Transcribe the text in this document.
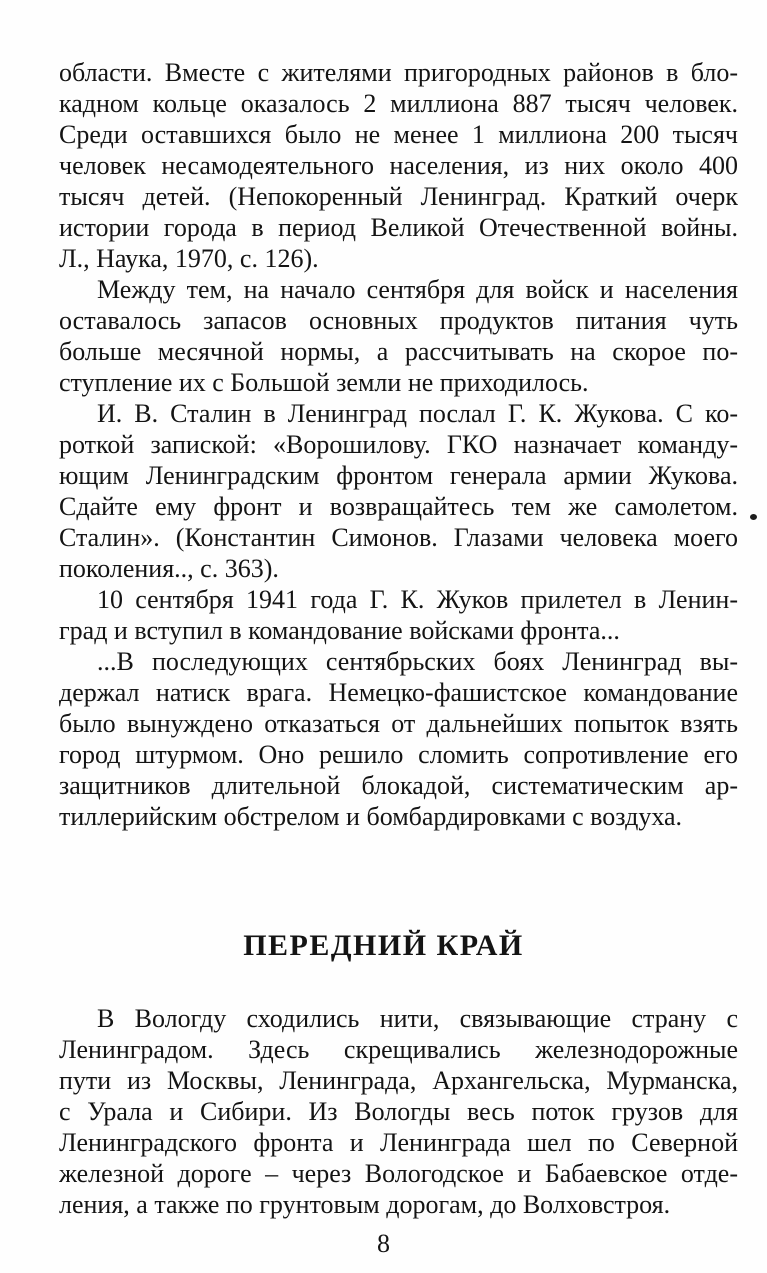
области. Вместе с жителями пригородных районов в бло-
кадном кольце оказалось 2 миллиона 887 тысяч человек.
Среди оставшихся было не менее 1 миллиона 200 тысяч
человек несамодеятельного населения, из них около 400
тысяч детей. (Непокоренный Ленинград. Краткий очерк
истории города в период Великой Отечественной войны.
Л., Наука, 1970, с. 126).
Между тем, на начало сентября для войск и населения
оставалось запасов основных продуктов питания чуть
больше месячной нормы, а рассчитывать на скорое по-
ступление их с Большой земли не приходилось.
И. В. Сталин в Ленинград послал Г. К. Жукова. С ко-
роткой запиской: «Ворошилову. ГКО назначает команду-
ющим Ленинградским фронтом генерала армии Жукова.
Сдайте ему фронт и возвращайтесь тем же самолетом.
Сталин». (Константин Симонов. Глазами человека моего
поколения.., с. 363).
10 сентября 1941 года Г. К. Жуков прилетел в Ленин-
град и вступил в командование войсками фронта...
...В последующих сентябрьских боях Ленинград вы-
держал натиск врага. Немецко-фашистское командование
было вынуждено отказаться от дальнейших попыток взять
город штурмом. Оно решило сломить сопротивление его
защитников длительной блокадой, систематическим ар-
тиллерийским обстрелом и бомбардировками с воздуха.
ПЕРЕДНИЙ КРАЙ
В Вологду сходились нити, связывающие страну с
Ленинградом. Здесь скрещивались железнодорожные
пути из Москвы, Ленинграда, Архангельска, Мурманска,
с Урала и Сибири. Из Вологды весь поток грузов для
Ленинградского фронта и Ленинграда шел по Северной
железной дороге – через Вологодское и Бабаевское отде-
ления, а также по грунтовым дорогам, до Волховстроя.
8
